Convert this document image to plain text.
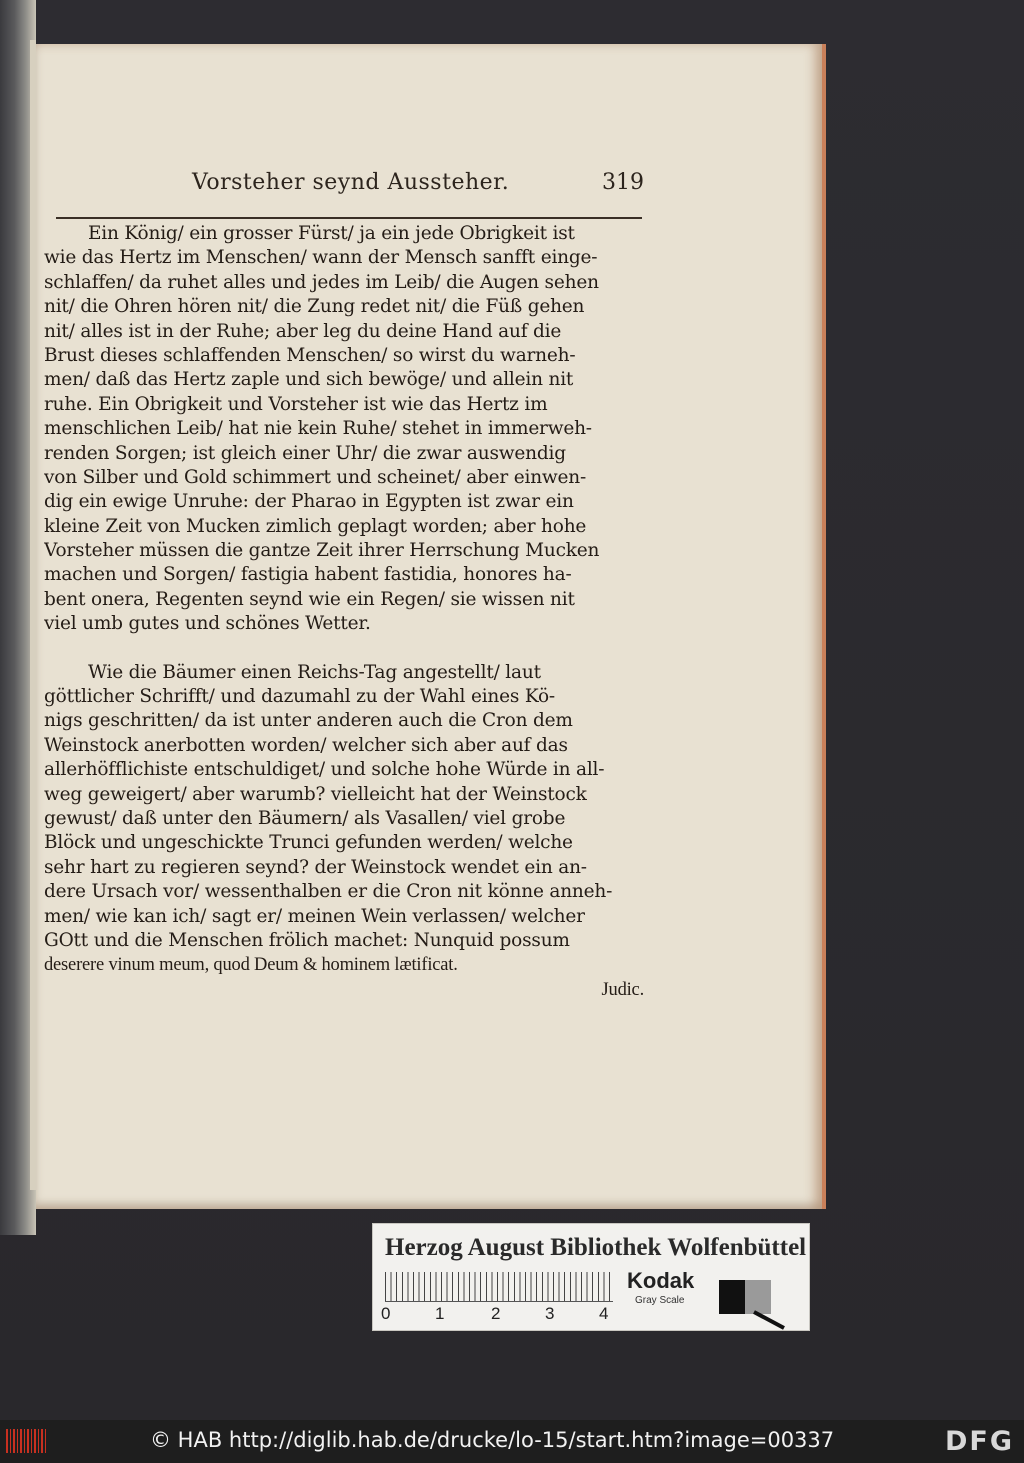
Vorsteher seynd Aussteher.	319
Ein König/ ein grosser Fürst/ ja ein jede Obrigkeit ist
wie das Hertz im Menschen/ wann der Mensch sanfft einge-
schlaffen/ da ruhet alles und jedes im Leib/ die Augen sehen
nit/ die Ohren hören nit/ die Zung redet nit/ die Füß gehen
nit/ alles ist in der Ruhe; aber leg du deine Hand auf die
Brust dieses schlaffenden Menschen/ so wirst du warneh-
men/ daß das Hertz zaple und sich bewöge/ und allein nit
ruhe. Ein Obrigkeit und Vorsteher ist wie das Hertz im
menschlichen Leib/ hat nie kein Ruhe/ stehet in immerweh-
renden Sorgen; ist gleich einer Uhr/ die zwar auswendig
von Silber und Gold schimmert und scheinet/ aber einwen-
dig ein ewige Unruhe: der Pharao in Egypten ist zwar ein
kleine Zeit von Mucken zimlich geplagt worden; aber hohe
Vorsteher müssen die gantze Zeit ihrer Herrschung Mucken
machen und Sorgen/ fastigia habent fastidia, honores ha-
bent onera, Regenten seynd wie ein Regen/ sie wissen nit
viel umb gutes und schönes Wetter.
Wie die Bäumer einen Reichs-Tag angestellt/ laut
göttlicher Schrifft/ und dazumahl zu der Wahl eines Kö-
nigs geschritten/ da ist unter anderen auch die Cron dem
Weinstock anerbotten worden/ welcher sich aber auf das
allerhöfflichiste entschuldiget/ und solche hohe Würde in all-
weg geweigert/ aber warumb? vielleicht hat der Weinstock
gewust/ daß unter den Bäumern/ als Vasallen/ viel grobe
Blöck und ungeschickte Trunci gefunden werden/ welche
sehr hart zu regieren seynd? der Weinstock wendet ein an-
dere Ursach vor/ wessenthalben er die Cron nit könne anneh-
men/ wie kan ich/ sagt er/ meinen Wein verlassen/ welcher
GOtt und die Menschen frölich machet: Nunquid possum
deserere vinum meum, quod Deum & hominem lætificat.
Judic.
Herzog August Bibliothek Wolfenbüttel
0	1	2	3	4
Kodak
Gray Scale
© HAB http://diglib.hab.de/drucke/lo-15/start.htm?image=00337	DFG
